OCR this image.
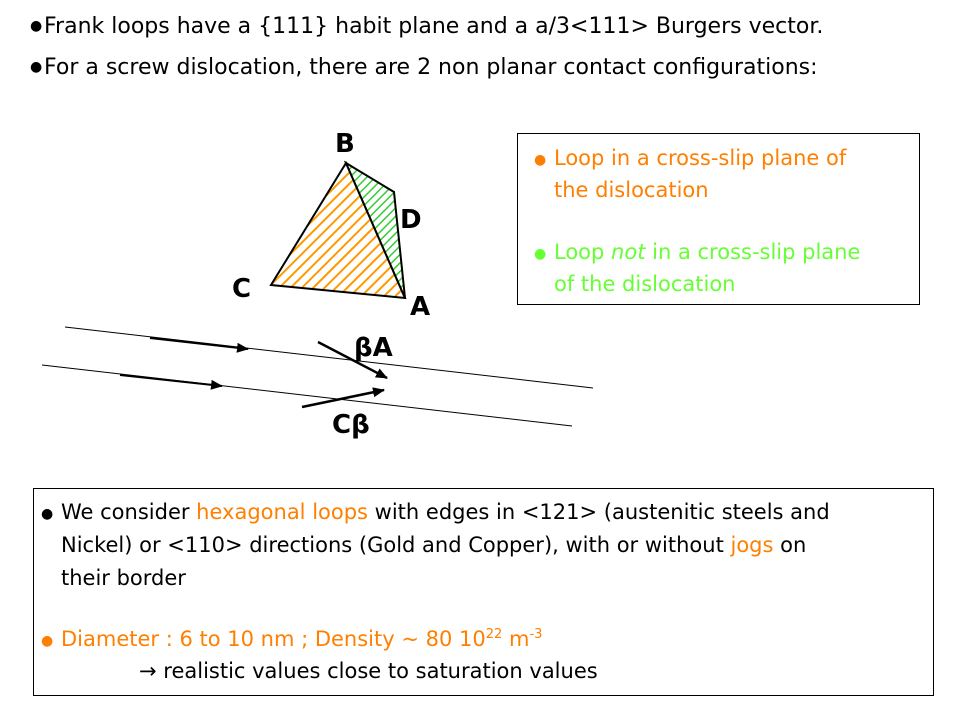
●Frank loops have a {111} habit plane and a a/3<111> Burgers vector.
●For a screw dislocation, there are 2 non planar contact configurations:
B
D
C
A
βA
Cβ
● Loop in a cross-slip plane of
the dislocation
● Loop not in a cross-slip plane
of the dislocation
● We consider hexagonal loops with edges in <121> (austenitic steels and
Nickel) or <110> directions (Gold and Copper), with or without jogs on
their border
● Diameter : 6 to 10 nm ; Density ~ 80 $10^{22}$ $m^{-3}$
→ realistic values close to saturation values
